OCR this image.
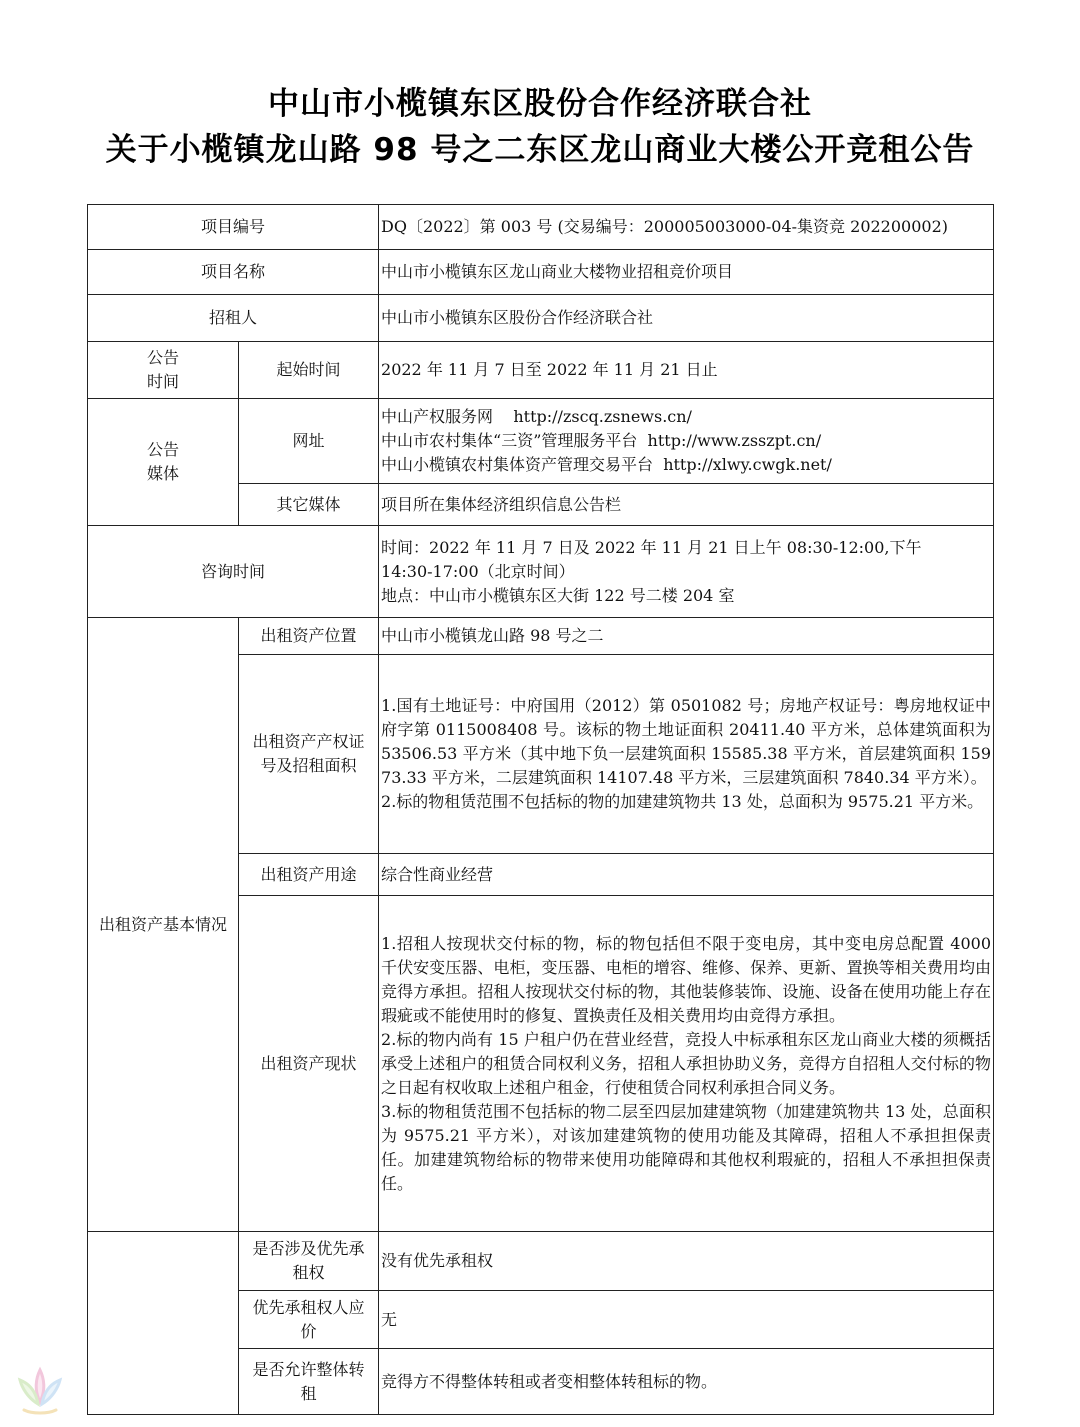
中山市小榄镇东区股份合作经济联合社
关于小榄镇龙山路 98 号之二东区龙山商业大楼公开竞租公告
项目编号		DQ〔2022〕第 003 号 (交易编号：200005003000-04-集资竞 202200002)
项目名称		中山市小榄镇东区龙山商业大楼物业招租竞价项目
招租人		中山市小榄镇东区股份合作经济联合社

公告
时间	起始时间	2022 年 11 月 7 日至 2022 年 11 月 21 日止

公告
媒体	网址	中山产权服务网    http://zscq.zsnews.cn/
中山市农村集体“三资”管理服务平台  http://www.zsszpt.cn/
中山小榄镇农村集体资产管理交易平台  http://xlwy.cwgk.net/

	其它媒体	项目所在集体经济组织信息公告栏
咨询时间		时间：2022 年 11 月 7 日及 2022 年 11 月 21 日上午 08:30-12:00,下午
14:30-17:00（北京时间）
地点：中山市小榄镇东区大街 122 号二楼 204 室

出租资产基本情况	出租资产位置	中山市小榄镇龙山路 98 号之二

	出租资产产权证
号及招租面积	1.国有土地证号：中府国用（2012）第 0501082 号；房地产权证号：粤房地权证中府字第 0115008408 号。该标的物土地证面积 20411.40 平方米，总体建筑面积为 53506.53 平方米（其中地下负一层建筑面积 15585.38 平方米，首层建筑面积 15973.33 平方米，二层建筑面积 14107.48 平方米，三层建筑面积 7840.34 平方米）。
2.标的物租赁范围不包括标的物的加建建筑物共 13 处，总面积为 9575.21 平方米。

	出租资产用途	综合性商业经营
	出租资产现状	1.招租人按现状交付标的物，标的物包括但不限于变电房，其中变电房总配置 4000 千伏安变压器、电柜，变压器、电柜的增容、维修、保养、更新、置换等相关费用均由竞得方承担。招租人按现状交付标的物，其他装修装饰、设施、设备在使用功能上存在瑕疵或不能使用时的修复、置换责任及相关费用均由竞得方承担。
2.标的物内尚有 15 户租户仍在营业经营，竞投人中标承租东区龙山商业大楼的须概括承受上述租户的租赁合同权利义务，招租人承担协助义务，竞得方自招租人交付标的物之日起有权收取上述租户租金，行使租赁合同权利承担合同义务。
3.标的物租赁范围不包括标的物二层至四层加建建筑物（加建建筑物共 13 处，总面积为 9575.21 平方米），对该加建建筑物的使用功能及其障碍，招租人不承担担保责任。加建建筑物给标的物带来使用功能障碍和其他权利瑕疵的，招租人不承担担保责任。

	是否涉及优先承
租权	没有优先承租权

	优先承租权人应
价	无

	是否允许整体转
租	竞得方不得整体转租或者变相整体转租标的物。
